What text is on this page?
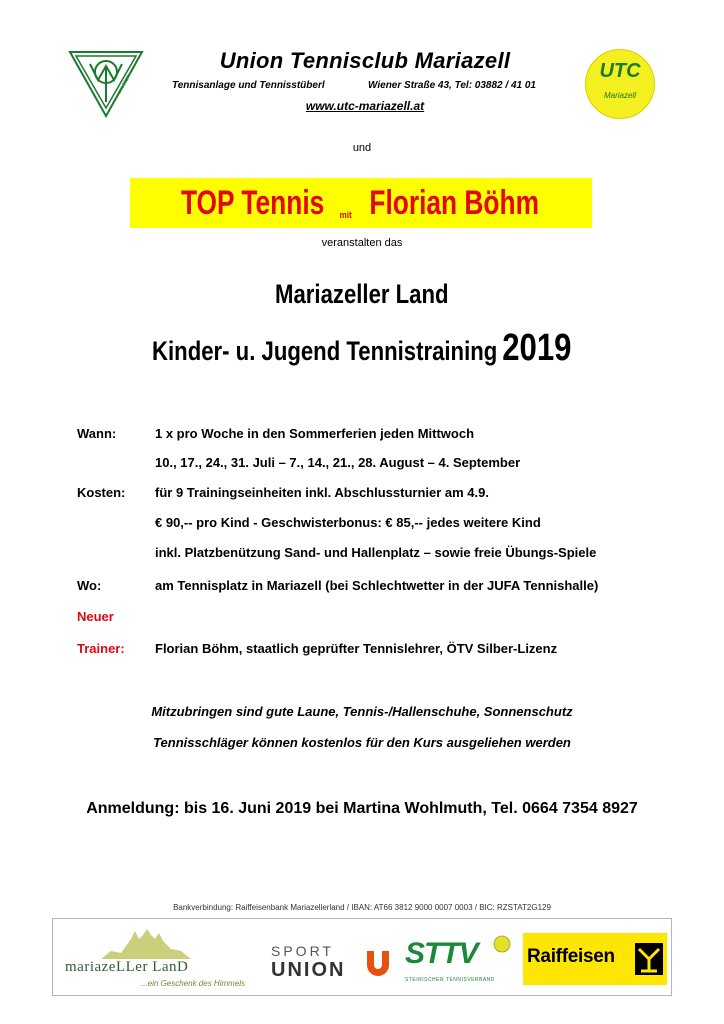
seit 1927
Union Tennisclub Mariazell
Tennisanlage und Tennisstüberl	Wiener Straße 43, Tel: 03882 / 41 01
www.utc-mariazell.at
UTC
Mariazell
und
TOP Tennis $_{mit}$ Florian Böhm
veranstalten das
Mariazeller Land
Kinder- u. Jugend Tennistraining 2019
Wann:	1 x pro Woche in den Sommerferien jeden Mittwoch
10., 17., 24., 31. Juli – 7., 14., 21., 28. August – 4. September
Kosten: für 9 Trainingseinheiten inkl. Abschlussturnier am 4.9.
€ 90,-- pro Kind - Geschwisterbonus: € 85,-- jedes weitere Kind
inkl. Platzbenützung Sand- und Hallenplatz – sowie freie Übungs-Spiele
Wo:	am Tennisplatz in Mariazell (bei Schlechtwetter in der JUFA Tennishalle)
Neuer
Trainer: Florian Böhm, staatlich geprüfter Tennislehrer, ÖTV Silber-Lizenz
Mitzubringen sind gute Laune, Tennis-/Hallenschuhe, Sonnenschutz
Tennisschläger können kostenlos für den Kurs ausgeliehen werden
Anmeldung: bis 16. Juni 2019 bei Martina Wohlmuth, Tel. 0664 7354 8927
Bankverbindung: Raiffeisenbank Mariazellerland / IBAN: AT66 3812 9000 0007 0003 / BIC: RZSTAT2G129
mariazeLLer LanD
...ein Geschenk des Himmels
SPORT
UNION STTV
STEIRISCHER TENNISVERBAND
Raiffeisen
